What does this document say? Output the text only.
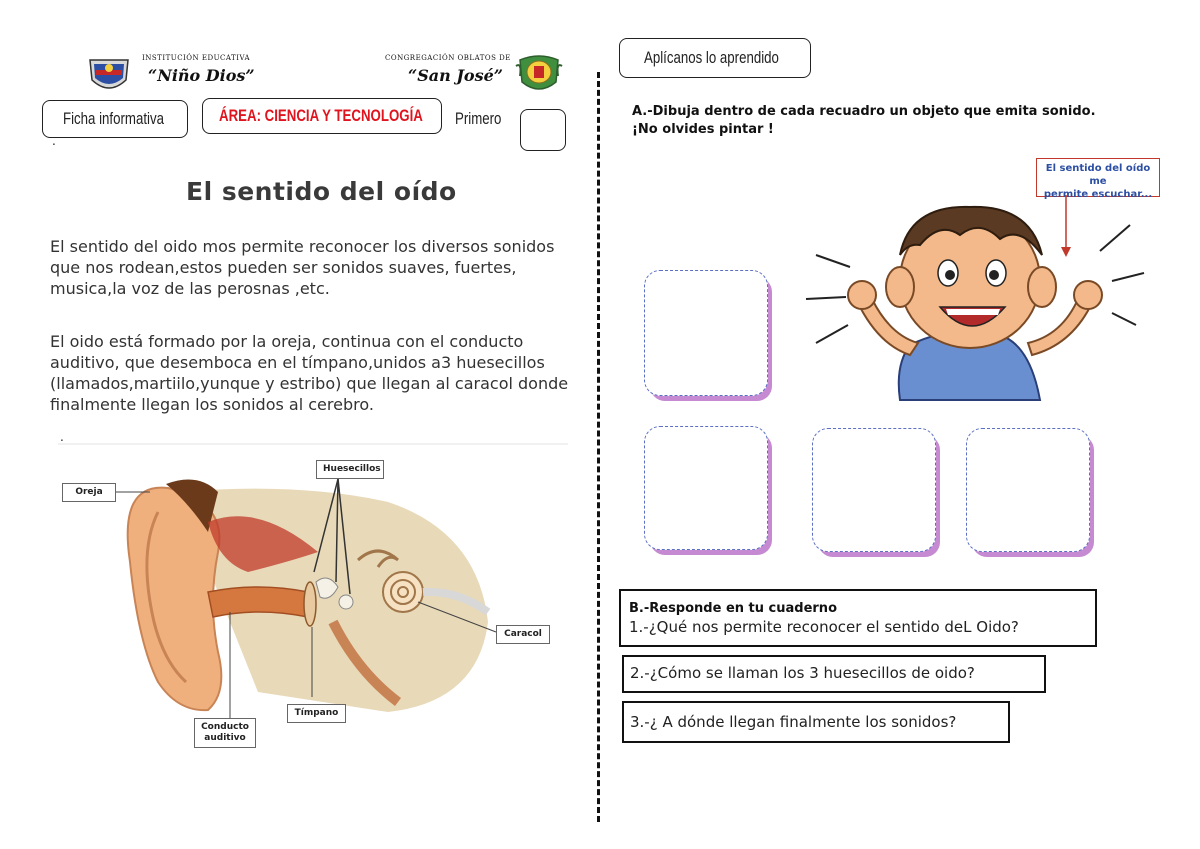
INSTITUCIÓN EDUCATIVA
“Niño Dios”
CONGREGACIÓN OBLATOS DE
“San José”
Ficha informativa	ÁREA: CIENCIA Y TECNOLOGÍA Primero
.
El sentido del oído
El sentido del oido mos permite reconocer los diversos sonidos que nos rodean,estos pueden ser sonidos suaves, fuertes, musica,la voz de las perosnas ,etc.
El oido está formado por la oreja, continua con el conducto auditivo, que desemboca en el tímpano,unidos a3 huesecillos (llamados,martiilo,yunque y estribo) que llegan al caracol donde finalmente llegan los sonidos al cerebro.
.
Oreja
Huesecillos
Caracol
Tímpano
Conducto
auditivo
Aplícanos lo aprendido
A.-Dibuja dentro de cada recuadro un objeto que emita sonido.
¡No olvides pintar !
El sentido del oído me
permite escuchar...
B.-Responde en tu cuaderno
1.-¿Qué nos permite reconocer el sentido deL Oido?
2.-¿Cómo se llaman los 3 huesecillos de oido?
3.-¿ A dónde llegan finalmente los sonidos?
